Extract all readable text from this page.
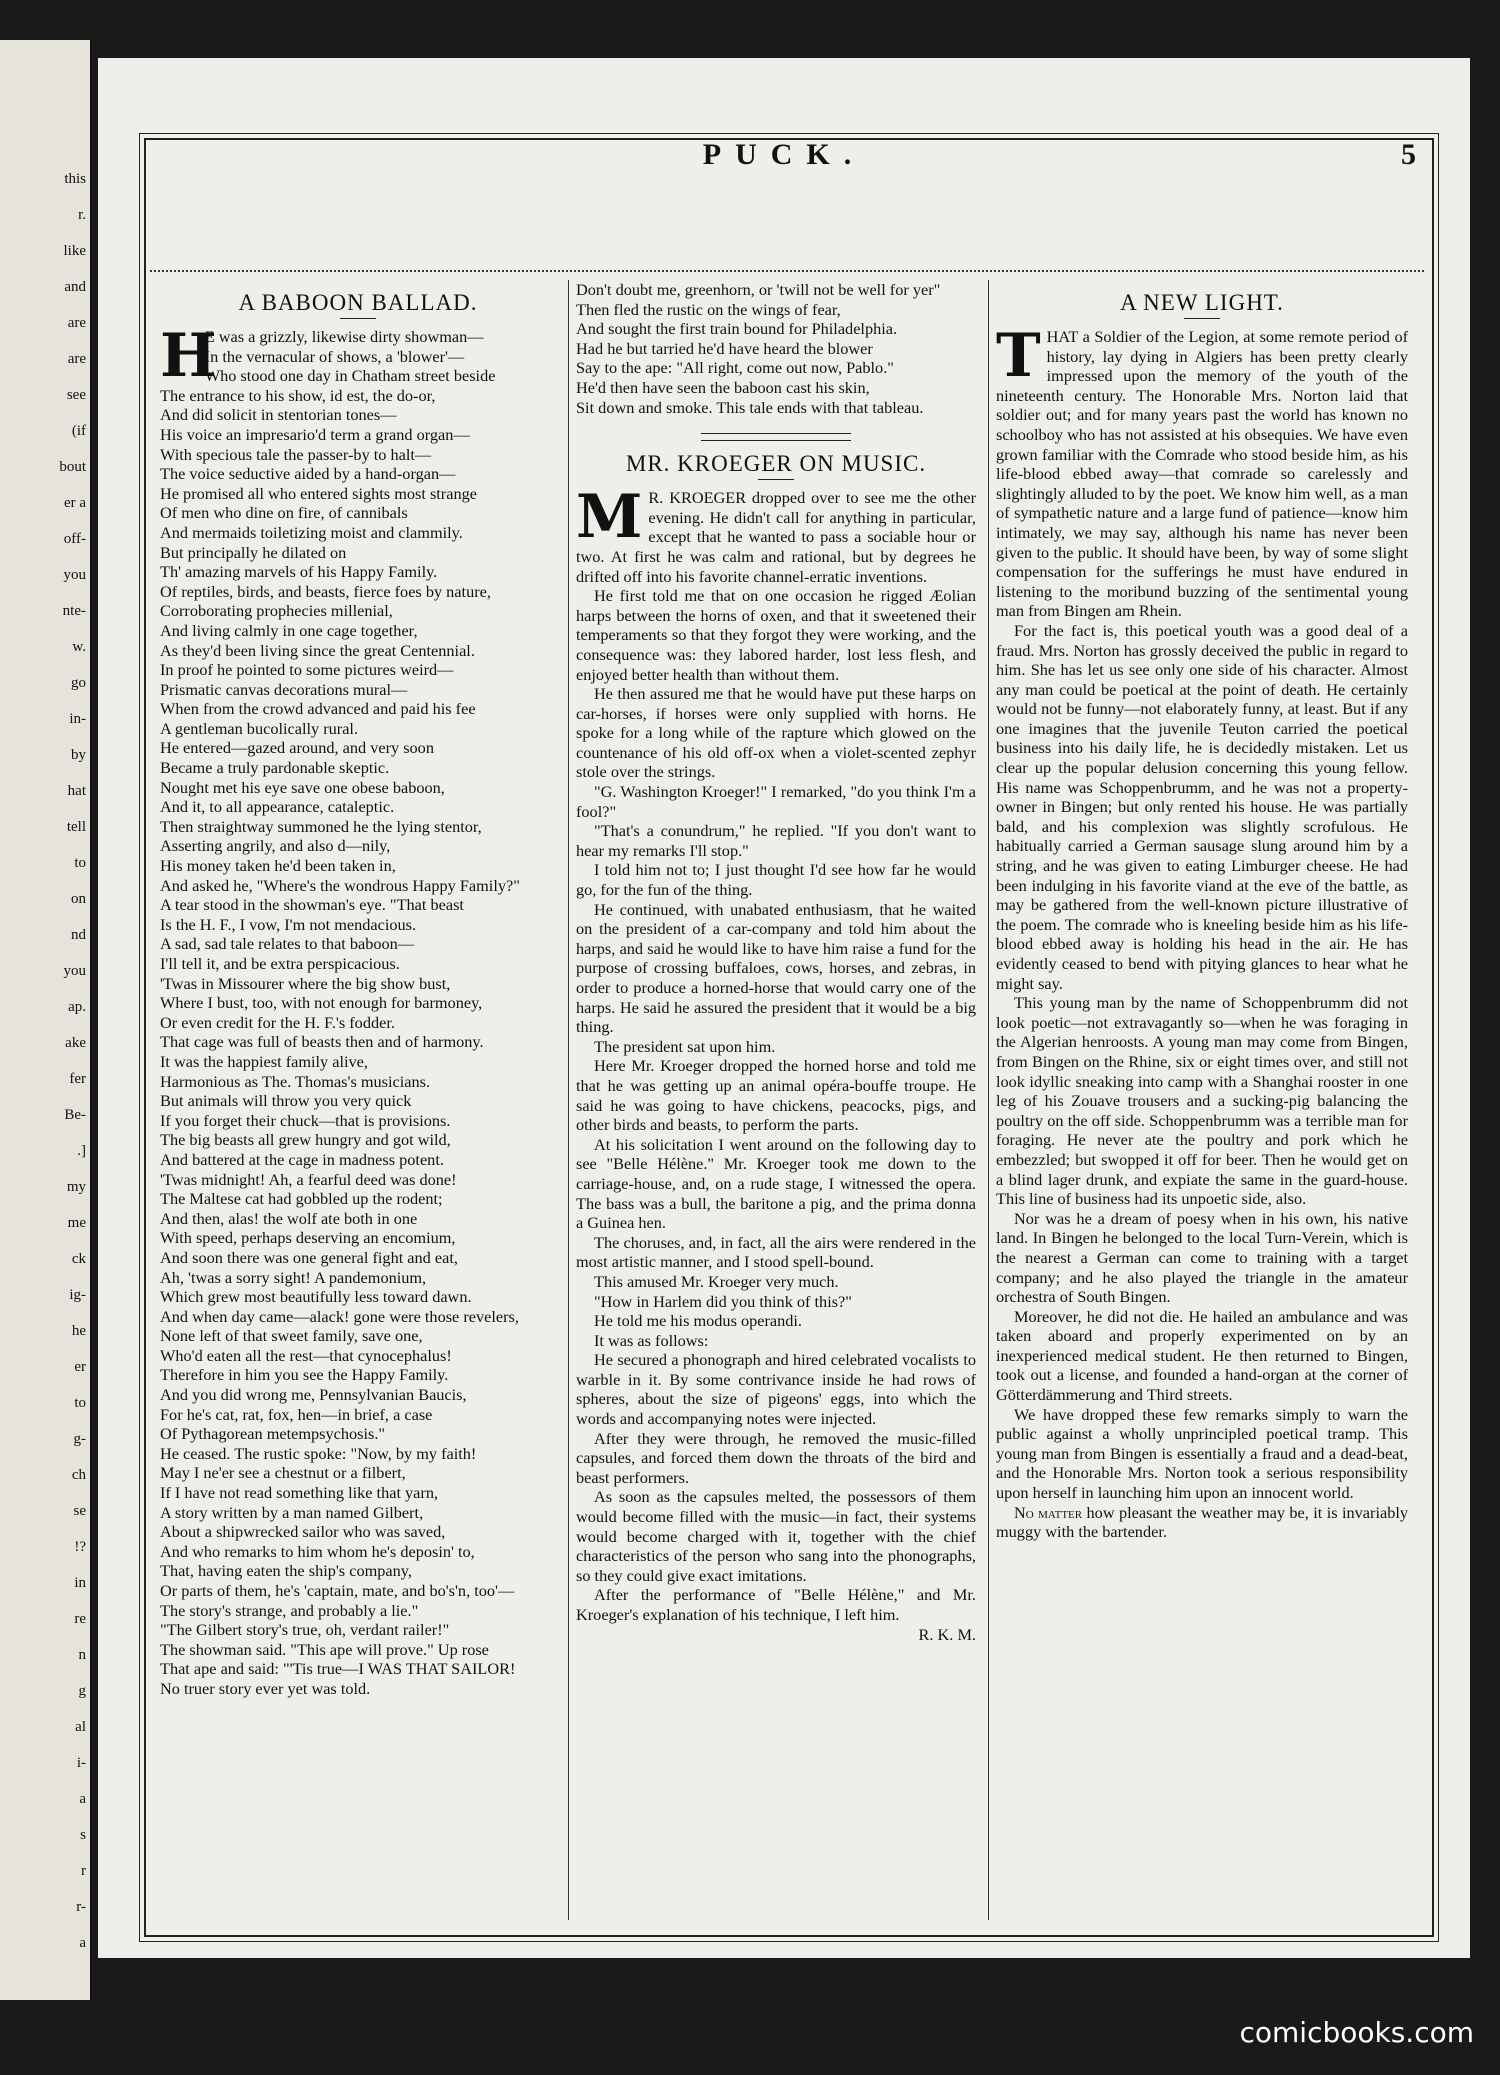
this
r.
like
and
are
are
see
(if
bout
er a
off-
you
nte-
w.
go
in-
by
hat
tell
to
on
nd
you
ap.
ake
fer
Be-
.]
my
me
ck
ig-
he
er
to
g-
ch
se
!?
in
re
n
g
al
i-
a
s
r
r-
a
PUCK.	5
A BABOON BALLAD.
H
E was a grizzly, likewise dirty showman—
In the vernacular of shows, a 'blower'—
Who stood one day in Chatham street beside
The entrance to his show, id est, the do-or,
And did solicit in stentorian tones—
His voice an impresario'd term a grand organ—
With specious tale the passer-by to halt—
The voice seductive aided by a hand-organ—
He promised all who entered sights most strange
Of men who dine on fire, of cannibals
And mermaids toiletizing moist and clammily.
But principally he dilated on
Th' amazing marvels of his Happy Family.
Of reptiles, birds, and beasts, fierce foes by nature,
Corroborating prophecies millenial,
And living calmly in one cage together,
As they'd been living since the great Centennial.
In proof he pointed to some pictures weird—
Prismatic canvas decorations mural—
When from the crowd advanced and paid his fee
A gentleman bucolically rural.
He entered—gazed around, and very soon
Became a truly pardonable skeptic.
Nought met his eye save one obese baboon,
And it, to all appearance, cataleptic.
Then straightway summoned he the lying stentor,
Asserting angrily, and also d—nily,
His money taken he'd been taken in,
And asked he, "Where's the wondrous Happy Family?"
A tear stood in the showman's eye. "That beast
Is the H. F., I vow, I'm not mendacious.
A sad, sad tale relates to that baboon—
I'll tell it, and be extra perspicacious.
'Twas in Missourer where the big show bust,
Where I bust, too, with not enough for barmoney,
Or even credit for the H. F.'s fodder.
That cage was full of beasts then and of harmony.
It was the happiest family alive,
Harmonious as The. Thomas's musicians.
But animals will throw you very quick
If you forget their chuck—that is provisions.
The big beasts all grew hungry and got wild,
And battered at the cage in madness potent.
'Twas midnight! Ah, a fearful deed was done!
The Maltese cat had gobbled up the rodent;
And then, alas! the wolf ate both in one
With speed, perhaps deserving an encomium,
And soon there was one general fight and eat,
Ah, 'twas a sorry sight! A pandemonium,
Which grew most beautifully less toward dawn.
And when day came—alack! gone were those revelers,
None left of that sweet family, save one,
Who'd eaten all the rest—that cynocephalus!
Therefore in him you see the Happy Family.
And you did wrong me, Pennsylvanian Baucis,
For he's cat, rat, fox, hen—in brief, a case
Of Pythagorean metempsychosis."
He ceased. The rustic spoke: "Now, by my faith!
May I ne'er see a chestnut or a filbert,
If I have not read something like that yarn,
A story written by a man named Gilbert,
About a shipwrecked sailor who was saved,
And who remarks to him whom he's deposin' to,
That, having eaten the ship's company,
Or parts of them, he's 'captain, mate, and bo's'n, too'—
The story's strange, and probably a lie."
"The Gilbert story's true, oh, verdant railer!"
The showman said. "This ape will prove." Up rose
That ape and said: "'Tis true—I WAS THAT SAILOR!
No truer story ever yet was told.
Don't doubt me, greenhorn, or 'twill not be well for yer"
Then fled the rustic on the wings of fear,
And sought the first train bound for Philadelphia.
Had he but tarried he'd have heard the blower
Say to the ape: "All right, come out now, Pablo."
He'd then have seen the baboon cast his skin,
Sit down and smoke. This tale ends with that tableau.
MR. KROEGER ON MUSIC.
M R. KROEGER dropped over to see me the other evening. He didn't call for anything in particular, except that he wanted to pass a sociable hour or two. At first he was calm and rational, but by degrees he drifted off into his favorite channel-erratic inventions.

He first told me that on one occasion he rigged Æolian harps between the horns of oxen, and that it sweetened their temperaments so that they forgot they were working, and the consequence was: they labored harder, lost less flesh, and enjoyed better health than without them.

He then assured me that he would have put these harps on car-horses, if horses were only supplied with horns. He spoke for a long while of the rapture which glowed on the countenance of his old off-ox when a violet-scented zephyr stole over the strings.

"G. Washington Kroeger!" I remarked, "do you think I'm a fool?"

"That's a conundrum," he replied. "If you don't want to hear my remarks I'll stop."

I told him not to; I just thought I'd see how far he would go, for the fun of the thing.

He continued, with unabated enthusiasm, that he waited on the president of a car-company and told him about the harps, and said he would like to have him raise a fund for the purpose of crossing buffaloes, cows, horses, and zebras, in order to produce a horned-horse that would carry one of the harps. He said he assured the president that it would be a big thing.

The president sat upon him.

Here Mr. Kroeger dropped the horned horse and told me that he was getting up an animal opéra-bouffe troupe. He said he was going to have chickens, peacocks, pigs, and other birds and beasts, to perform the parts.

At his solicitation I went around on the following day to see "Belle Hélène." Mr. Kroeger took me down to the carriage-house, and, on a rude stage, I witnessed the opera. The bass was a bull, the baritone a pig, and the prima donna a Guinea hen.

The choruses, and, in fact, all the airs were rendered in the most artistic manner, and I stood spell-bound.

This amused Mr. Kroeger very much.

"How in Harlem did you think of this?"

He told me his modus operandi.

It was as follows:

He secured a phonograph and hired celebrated vocalists to warble in it. By some contrivance inside he had rows of spheres, about the size of pigeons' eggs, into which the words and accompanying notes were injected.

After they were through, he removed the music-filled capsules, and forced them down the throats of the bird and beast performers.

As soon as the capsules melted, the possessors of them would become filled with the music—in fact, their systems would become charged with it, together with the chief characteristics of the person who sang into the phonographs, so they could give exact imitations.

After the performance of "Belle Hélène," and Mr. Kroeger's explanation of his technique, I left him.

R. K. M.
A NEW LIGHT.
T HAT a Soldier of the Legion, at some remote period of history, lay dying in Algiers has been pretty clearly impressed upon the memory of the youth of the nineteenth century. The Honorable Mrs. Norton laid that soldier out; and for many years past the world has known no schoolboy who has not assisted at his obsequies. We have even grown familiar with the Comrade who stood beside him, as his life-blood ebbed away—that comrade so carelessly and slightingly alluded to by the poet. We know him well, as a man of sympathetic nature and a large fund of patience—know him intimately, we may say, although his name has never been given to the public. It should have been, by way of some slight compensation for the sufferings he must have endured in listening to the moribund buzzing of the sentimental young man from Bingen am Rhein.

For the fact is, this poetical youth was a good deal of a fraud. Mrs. Norton has grossly deceived the public in regard to him. She has let us see only one side of his character. Almost any man could be poetical at the point of death. He certainly would not be funny—not elaborately funny, at least. But if any one imagines that the juvenile Teuton carried the poetical business into his daily life, he is decidedly mistaken. Let us clear up the popular delusion concerning this young fellow. His name was Schoppenbrumm, and he was not a property-owner in Bingen; but only rented his house. He was partially bald, and his complexion was slightly scrofulous. He habitually carried a German sausage slung around him by a string, and he was given to eating Limburger cheese. He had been indulging in his favorite viand at the eve of the battle, as may be gathered from the well-known picture illustrative of the poem. The comrade who is kneeling beside him as his life-blood ebbed away is holding his head in the air. He has evidently ceased to bend with pitying glances to hear what he might say.

This young man by the name of Schoppenbrumm did not look poetic—not extravagantly so—when he was foraging in the Algerian henroosts. A young man may come from Bingen, from Bingen on the Rhine, six or eight times over, and still not look idyllic sneaking into camp with a Shanghai rooster in one leg of his Zouave trousers and a sucking-pig balancing the poultry on the off side. Schoppenbrumm was a terrible man for foraging. He never ate the poultry and pork which he embezzled; but swopped it off for beer. Then he would get on a blind lager drunk, and expiate the same in the guard-house. This line of business had its unpoetic side, also.

Nor was he a dream of poesy when in his own, his native land. In Bingen he belonged to the local Turn-Verein, which is the nearest a German can come to training with a target company; and he also played the triangle in the amateur orchestra of South Bingen.

Moreover, he did not die. He hailed an ambulance and was taken aboard and properly experimented on by an inexperienced medical student. He then returned to Bingen, took out a license, and founded a hand-organ at the corner of Götterdämmerung and Third streets.

We have dropped these few remarks simply to warn the public against a wholly unprincipled poetical tramp. This young man from Bingen is essentially a fraud and a dead-beat, and the Honorable Mrs. Norton took a serious responsibility upon herself in launching him upon an innocent world.

No matter how pleasant the weather may be, it is invariably muggy with the bartender.

comicbooks.com
